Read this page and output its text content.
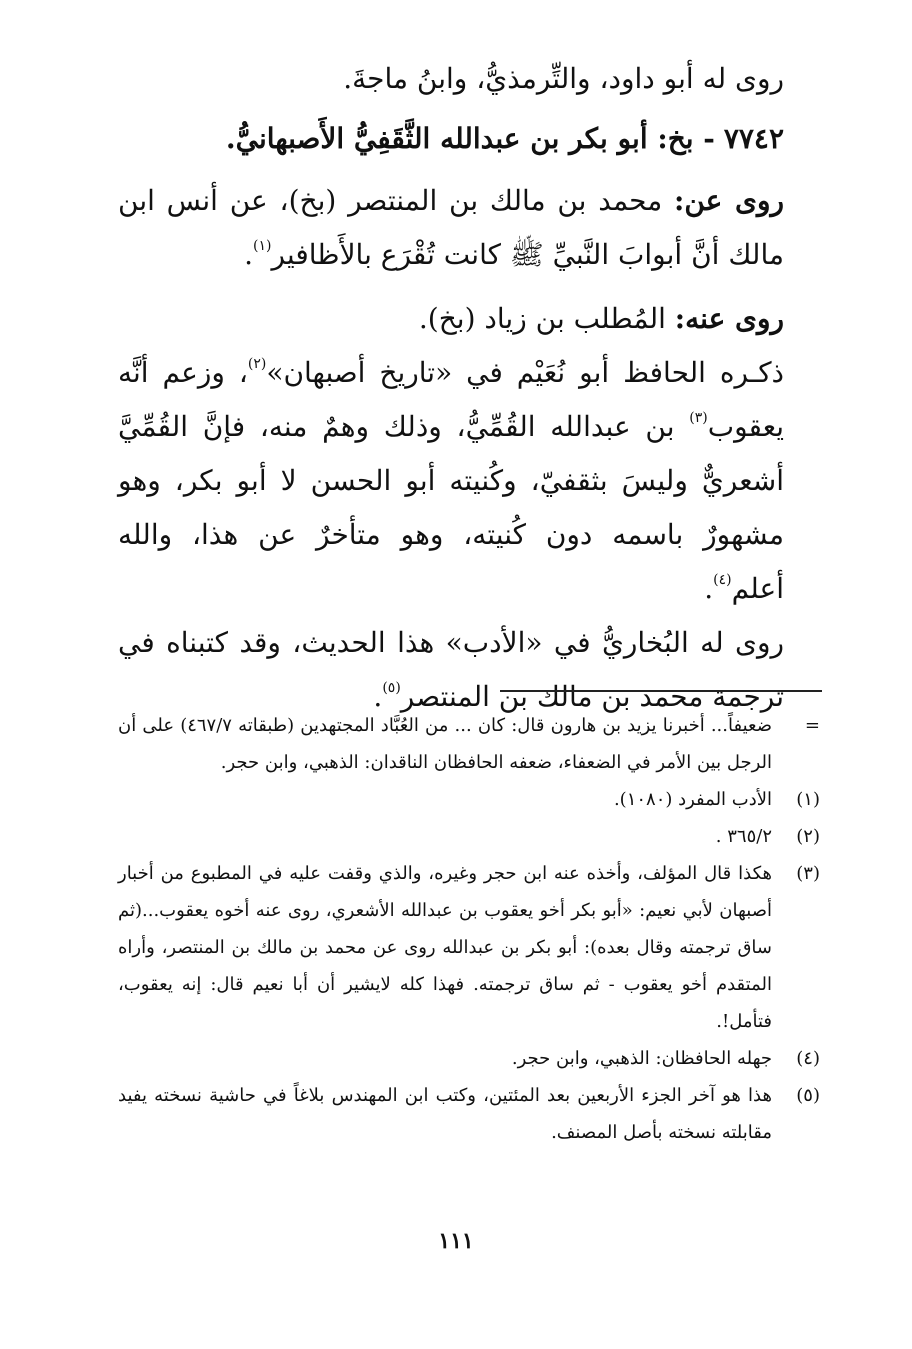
روى له أبو داود، والتِّرمذيُّ، وابنُ ماجةَ.

٧٧٤٢ - بخ: أبو بكر بن عبدالله الثَّقَفِيُّ الأَصبهانيُّ.

روى عن: محمد بن مالك بن المنتصر (بخ)، عن أنس ابن مالك أنَّ أبوابَ النَّبيِّ ﷺ كانت تُقْرَع بالأَظافير$^{(١)}$.

روى عنه: المُطلب بن زياد (بخ).

ذكـره الحافظ أبو نُعَيْم في «تاريخ أصبهان»$^{(٢)}$، وزعم أنَّه يعقوب$^{(٣)}$ بن عبدالله القُمِّيُّ، وذلك وهمٌ منه، فإنَّ القُمِّيَّ أشعريٌّ وليسَ بثقفيّ، وكُنيته أبو الحسن لا أبو بكر، وهو مشهورٌ باسمه دون كُنيته، وهو متأخرٌ عن هذا، والله أعلم$^{(٤)}$.

روى له البُخاريُّ في «الأدب» هذا الحديث، وقد كتبناه في ترجمة محمد بن مالك بن المنتصر$^{(٥)}$.

=
ضعيفاً... أخبرنا يزيد بن هارون قال: كان ... من العُبَّاد المجتهدين (طبقاته ٤٦٧/٧) على أن الرجل بين الأمر في الضعفاء، ضعفه الحافظان الناقدان: الذهبي، وابن حجر.
(١)
الأدب المفرد (١٠٨٠).
(٢)
٣٦٥/٢ .
(٣)
هكذا قال المؤلف، وأخذه عنه ابن حجر وغيره، والذي وقفت عليه في المطبوع من أخبار أصبهان لأبي نعيم: «أبو بكر أخو يعقوب بن عبدالله الأشعري، روى عنه أخوه يعقوب...(ثم ساق ترجمته وقال بعده): أبو بكر بن عبدالله روى عن محمد بن مالك بن المنتصر، وأراه المتقدم أخو يعقوب - ثم ساق ترجمته. فهذا كله لايشير أن أبا نعيم قال: إنه يعقوب، فتأمل!.
(٤)
جهله الحافظان: الذهبي، وابن حجر.
(٥)
هذا هو آخر الجزء الأربعين بعد المئتين، وكتب ابن المهندس بلاغاً في حاشية نسخته يفيد مقابلته نسخته بأصل المصنف.
١١١
